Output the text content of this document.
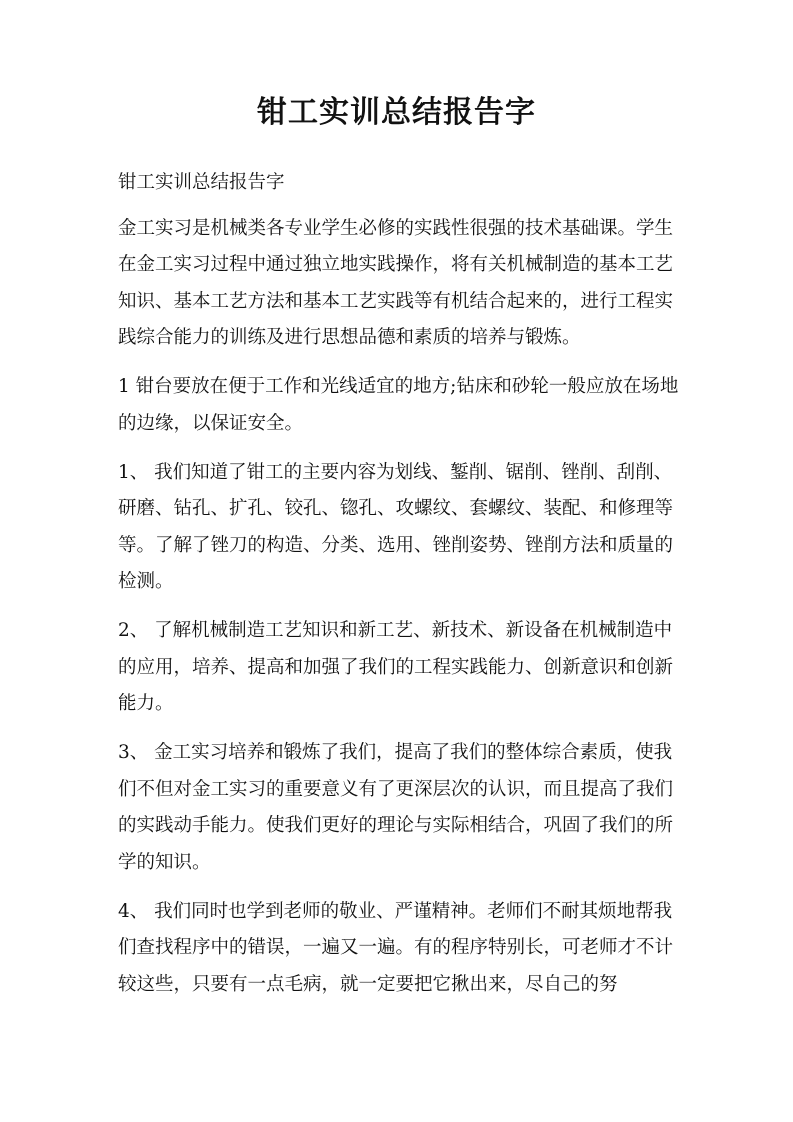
钳工实训总结报告字

钳工实训总结报告字

金工实习是机械类各专业学生必修的实践性很强的技术基础课。学生在金工实习过程中通过独立地实践操作，将有关机械制造的基本工艺知识、基本工艺方法和基本工艺实践等有机结合起来的，进行工程实践综合能力的训练及进行思想品德和素质的培养与锻炼。

1 钳台要放在便于工作和光线适宜的地方;钻床和砂轮一般应放在场地的边缘，以保证安全。

1、 我们知道了钳工的主要内容为划线、錾削、锯削、锉削、刮削、研磨、钻孔、扩孔、铰孔、锪孔、攻螺纹、套螺纹、装配、和修理等等。了解了锉刀的构造、分类、选用、锉削姿势、锉削方法和质量的检测。

2、 了解机械制造工艺知识和新工艺、新技术、新设备在机械制造中的应用，培养、提高和加强了我们的工程实践能力、创新意识和创新能力。

3、 金工实习培养和锻炼了我们，提高了我们的整体综合素质，使我们不但对金工实习的重要意义有了更深层次的认识，而且提高了我们的实践动手能力。使我们更好的理论与实际相结合，巩固了我们的所学的知识。

4、 我们同时也学到老师的敬业、严谨精神。老师们不耐其烦地帮我们查找程序中的错误，一遍又一遍。有的程序特别长，可老师才不计较这些，只要有一点毛病，就一定要把它揪出来，尽自己的努
